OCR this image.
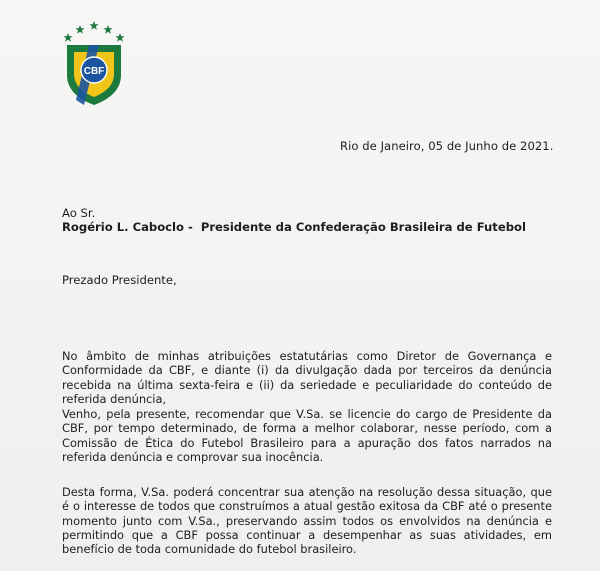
CBF
Rio de Janeiro, 05 de Junho de 2021.
Ao Sr.
Rogério L. Caboclo - Presidente da Confederação Brasileira de Futebol
Prezado Presidente,
No âmbito de minhas atribuições estatutárias como Diretor de Governança e Conformidade da CBF, e diante (i) da divulgação dada por terceiros da denúncia recebida na última sexta-feira e (ii) da seriedade e peculiaridade do conteúdo de referida denúncia,
Venho, pela presente, recomendar que V.Sa. se licencie do cargo de Presidente da CBF, por tempo determinado, de forma a melhor colaborar, nesse período, com a Comissão de Ética do Futebol Brasileiro para a apuração dos fatos narrados na referida denúncia e comprovar sua inocência.
Desta forma, V.Sa. poderá concentrar sua atenção na resolução dessa situação, que é o interesse de todos que construímos a atual gestão exitosa da CBF até o presente momento junto com V.Sa., preservando assim todos os envolvidos na denúncia e permitindo que a CBF possa continuar a desempenhar as suas atividades, em benefício de toda comunidade do futebol brasileiro.
